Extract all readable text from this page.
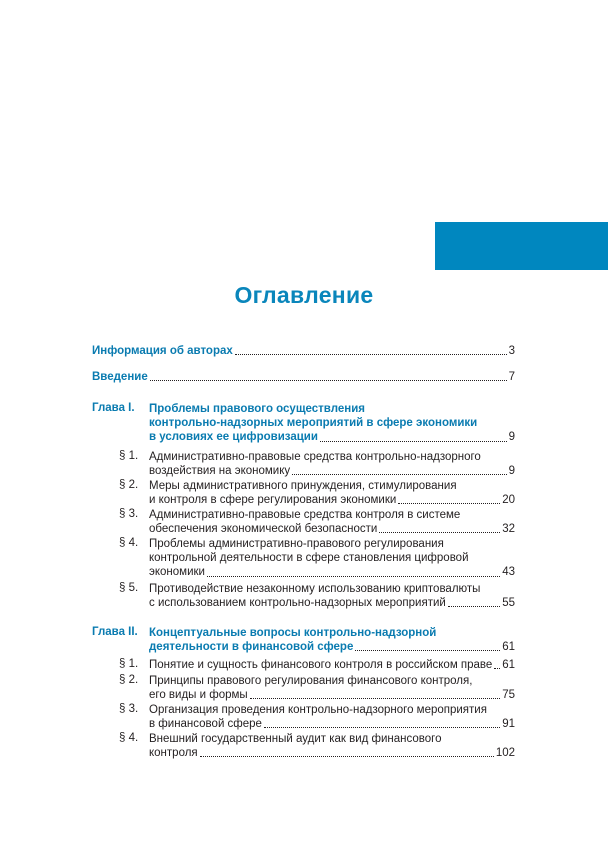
Оглавление
Информация об авторах	3
Введение	7
Глава I. Проблемы правового осуществления
контрольно-надзорных мероприятий в сфере экономики
в условиях ее цифровизации	9
§ 1. Административно-правовые средства контрольно-надзорного
воздействия на экономику	9
§ 2. Меры административного принуждения, стимулирования
и контроля в сфере регулирования экономики	20
§ 3. Административно-правовые средства контроля в системе
обеспечения экономической безопасности	32
§ 4. Проблемы административно-правового регулирования
контрольной деятельности в сфере становления цифровой
экономики	43
§ 5. Противодействие незаконному использованию криптовалюты
с использованием контрольно-надзорных мероприятий	55
Глава II. Концептуальные вопросы контрольно-надзорной
деятельности в финансовой сфере	61
§ 1. Понятие и сущность финансового контроля в российском праве 61
§ 2. Принципы правового регулирования финансового контроля,
его виды и формы	75
§ 3. Организация проведения контрольно-надзорного мероприятия
в финансовой сфере	91
§ 4. Внешний государственный аудит как вид финансового
контроля	102
